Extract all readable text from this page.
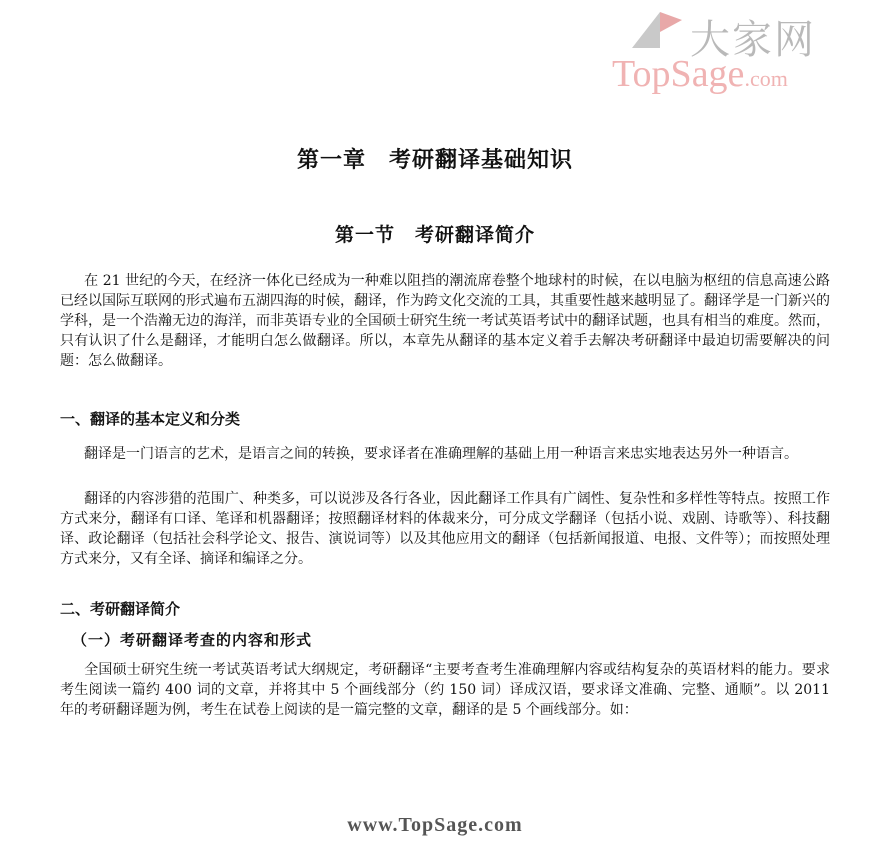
大家网
TopSage.com
第一章　考研翻译基础知识
第一节　考研翻译简介

在 21 世纪的今天，在经济一体化已经成为一种难以阻挡的潮流席卷整个地球村的时候，在以电脑为枢纽的信息高速公路已经以国际互联网的形式遍布五湖四海的时候，翻译，作为跨文化交流的工具，其重要性越来越明显了。翻译学是一门新兴的学科，是一个浩瀚无边的海洋，而非英语专业的全国硕士研究生统一考试英语考试中的翻译试题，也具有相当的难度。然而，只有认识了什么是翻译，才能明白怎么做翻译。所以，本章先从翻译的基本定义着手去解决考研翻译中最迫切需要解决的问题：怎么做翻译。

一、翻译的基本定义和分类

翻译是一门语言的艺术，是语言之间的转换，要求译者在准确理解的基础上用一种语言来忠实地表达另外一种语言。

翻译的内容涉猎的范围广、种类多，可以说涉及各行各业，因此翻译工作具有广阔性、复杂性和多样性等特点。按照工作方式来分，翻译有口译、笔译和机器翻译；按照翻译材料的体裁来分，可分成文学翻译（包括小说、戏剧、诗歌等）、科技翻译、政论翻译（包括社会科学论文、报告、演说词等）以及其他应用文的翻译（包括新闻报道、电报、文件等）；而按照处理方式来分，又有全译、摘译和编译之分。

二、考研翻译简介
（一）考研翻译考查的内容和形式

全国硕士研究生统一考试英语考试大纲规定，考研翻译“主要考查考生准确理解内容或结构复杂的英语材料的能力。要求考生阅读一篇约 400 词的文章，并将其中 5 个画线部分（约 150 词）译成汉语，要求译文准确、完整、通顺”。以 2011 年的考研翻译题为例，考生在试卷上阅读的是一篇完整的文章，翻译的是 5 个画线部分。如：

www.TopSage.com
